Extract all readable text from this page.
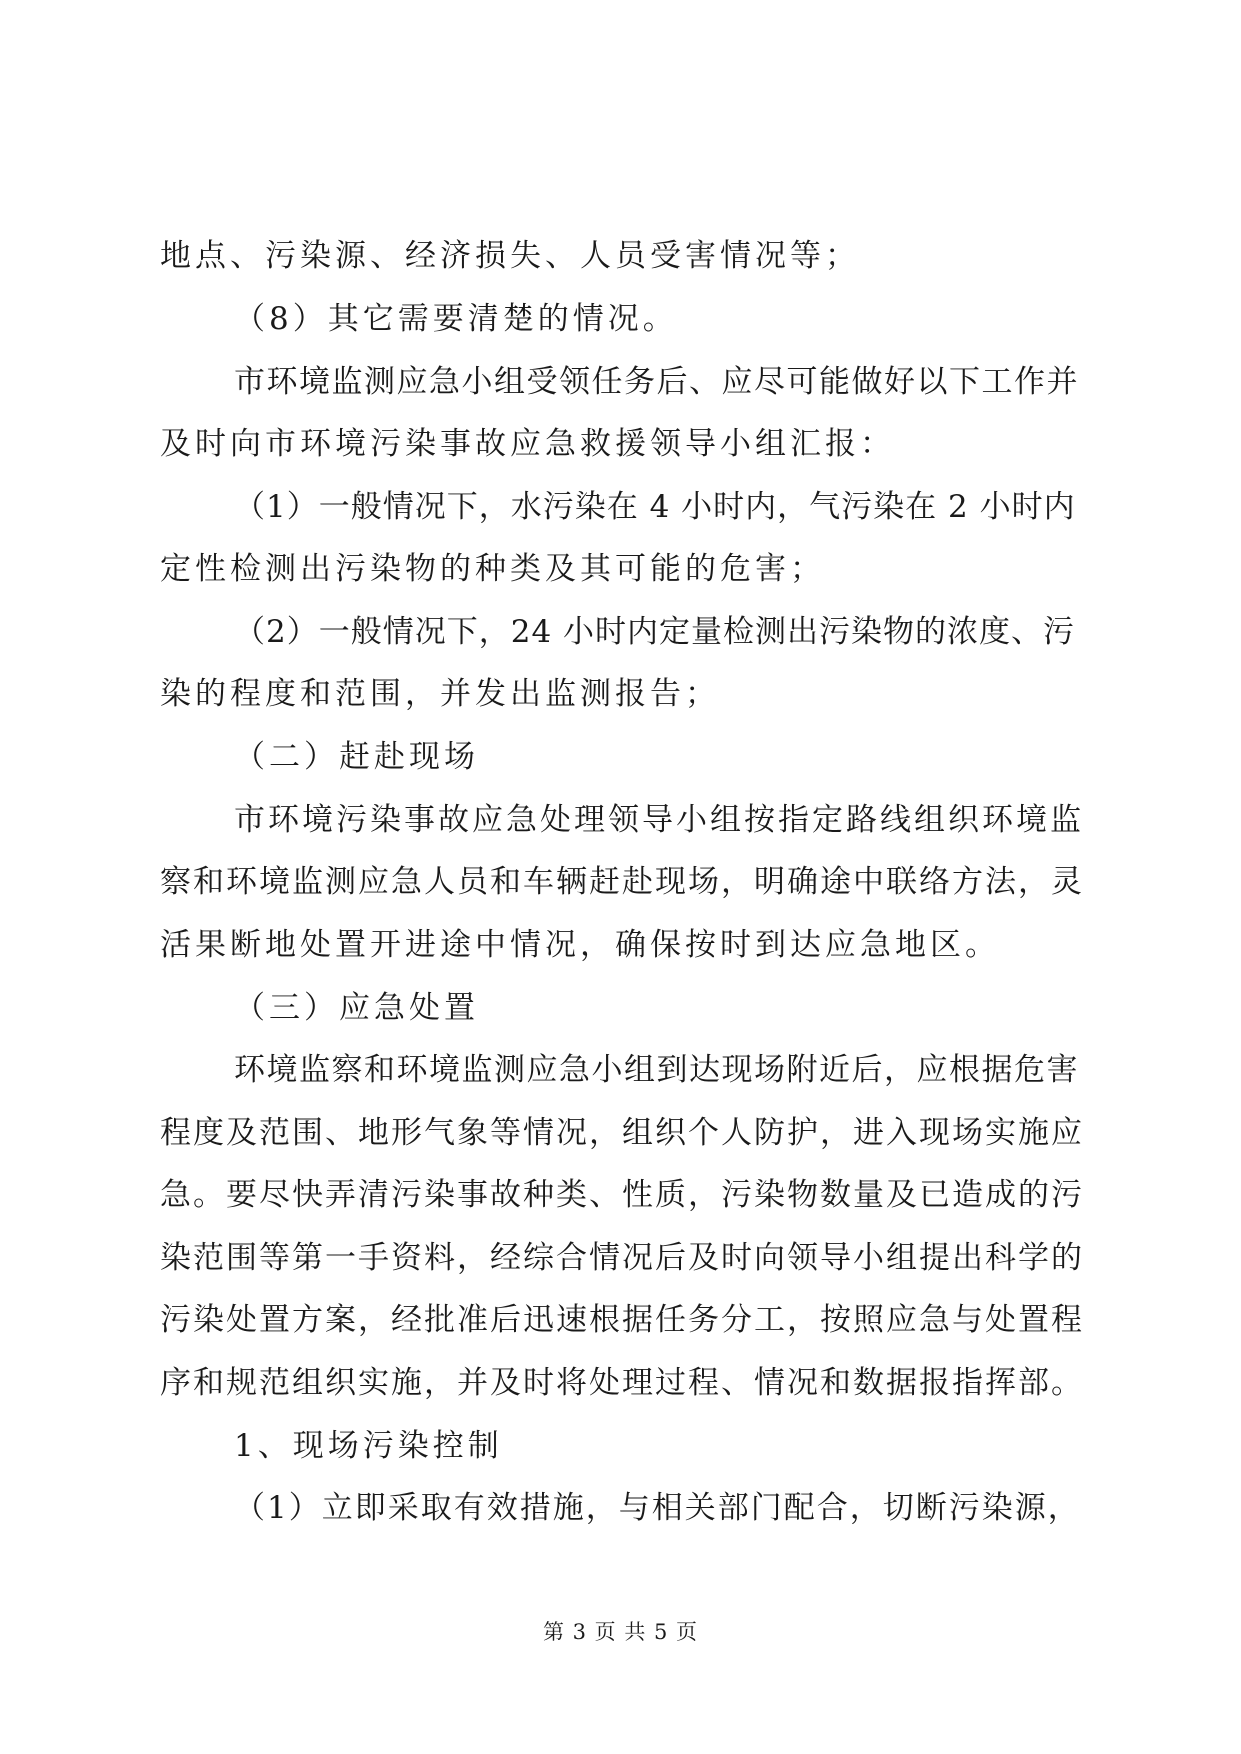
地点、污染源、经济损失、人员受害情况等；
（8）其它需要清楚的情况。
市环境监测应急小组受领任务后、应尽可能做好以下工作并
及时向市环境污染事故应急救援领导小组汇报：
（1）一般情况下，水污染在 4 小时内，气污染在 2 小时内
定性检测出污染物的种类及其可能的危害；
（2）一般情况下，24 小时内定量检测出污染物的浓度、污
染的程度和范围，并发出监测报告；
（二）赶赴现场
市环境污染事故应急处理领导小组按指定路线组织环境监
察和环境监测应急人员和车辆赶赴现场，明确途中联络方法，灵
活果断地处置开进途中情况，确保按时到达应急地区。
（三）应急处置
环境监察和环境监测应急小组到达现场附近后，应根据危害
程度及范围、地形气象等情况，组织个人防护，进入现场实施应
急。要尽快弄清污染事故种类、性质，污染物数量及已造成的污
染范围等第一手资料，经综合情况后及时向领导小组提出科学的
污染处置方案，经批准后迅速根据任务分工，按照应急与处置程
序和规范组织实施，并及时将处理过程、情况和数据报指挥部。
1、现场污染控制
（1）立即采取有效措施，与相关部门配合，切断污染源，
第 3 页 共 5 页
